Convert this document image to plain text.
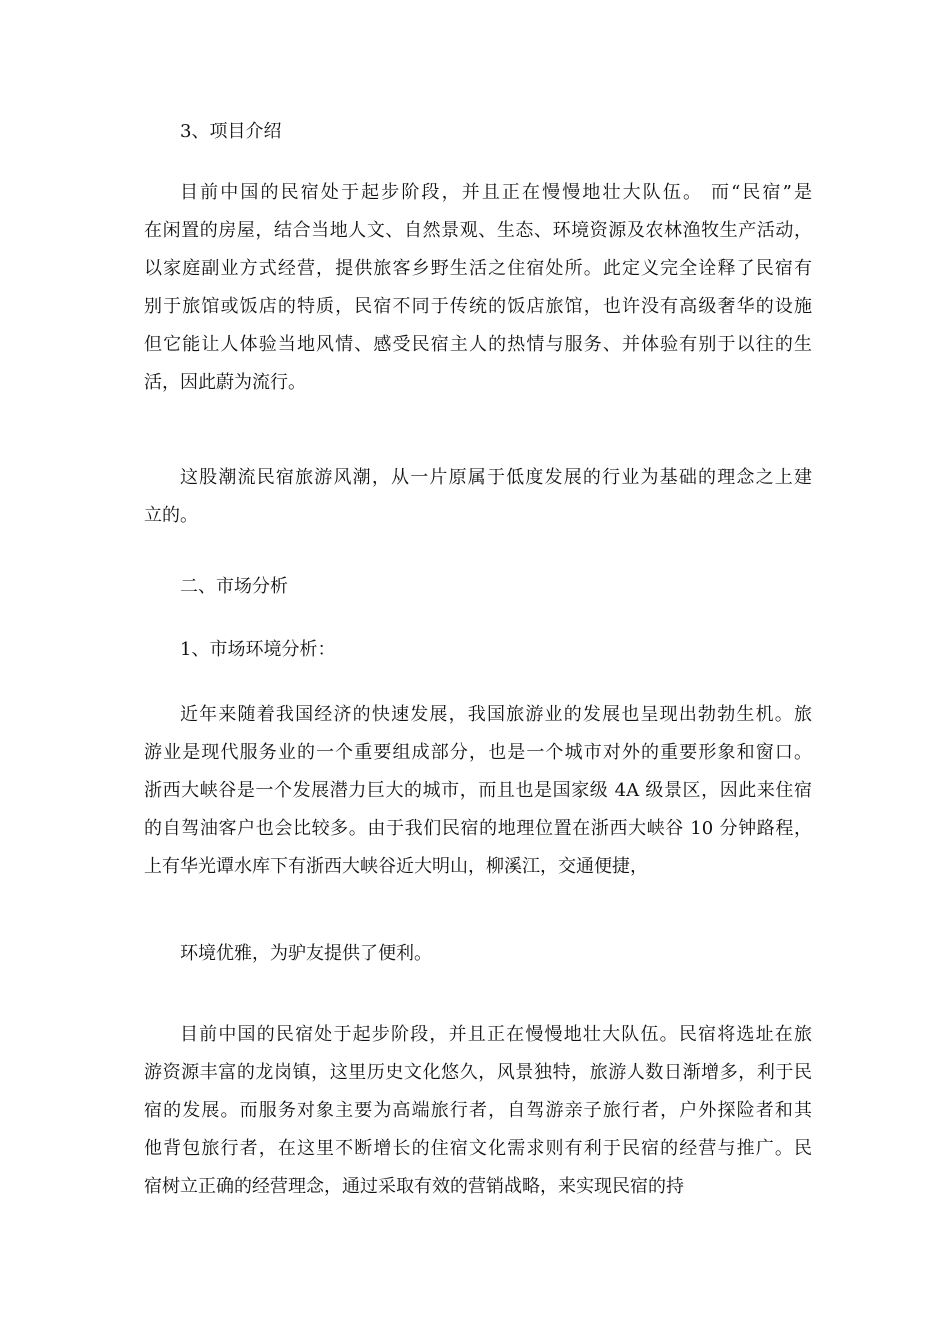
3、项目介绍
目前中国的民宿处于起步阶段，并且正在慢慢地壮大队伍。 而“民宿”是
在闲置的房屋，结合当地人文、自然景观、生态、环境资源及农林渔牧生产活动，
以家庭副业方式经营，提供旅客乡野生活之住宿处所。此定义完全诠释了民宿有
别于旅馆或饭店的特质，民宿不同于传统的饭店旅馆，也许没有高级奢华的设施
但它能让人体验当地风情、感受民宿主人的热情与服务、并体验有别于以往的生
活，因此蔚为流行。
这股潮流民宿旅游风潮，从一片原属于低度发展的行业为基础的理念之上建
立的。
二、市场分析
1、市场环境分析：
近年来随着我国经济的快速发展，我国旅游业的发展也呈现出勃勃生机。旅
游业是现代服务业的一个重要组成部分，也是一个城市对外的重要形象和窗口。
浙西大峡谷是一个发展潜力巨大的城市，而且也是国家级 4A 级景区，因此来住宿
的自驾油客户也会比较多。由于我们民宿的地理位置在浙西大峡谷 10 分钟路程，
上有华光谭水库下有浙西大峡谷近大明山，柳溪江，交通便捷，
环境优雅，为驴友提供了便利。
目前中国的民宿处于起步阶段，并且正在慢慢地壮大队伍。民宿将选址在旅
游资源丰富的龙岗镇，这里历史文化悠久，风景独特，旅游人数日渐增多，利于民
宿的发展。而服务对象主要为高端旅行者，自驾游亲子旅行者，户外探险者和其
他背包旅行者，在这里不断增长的住宿文化需求则有利于民宿的经营与推广。民
宿树立正确的经营理念，通过采取有效的营销战略，来实现民宿的持
